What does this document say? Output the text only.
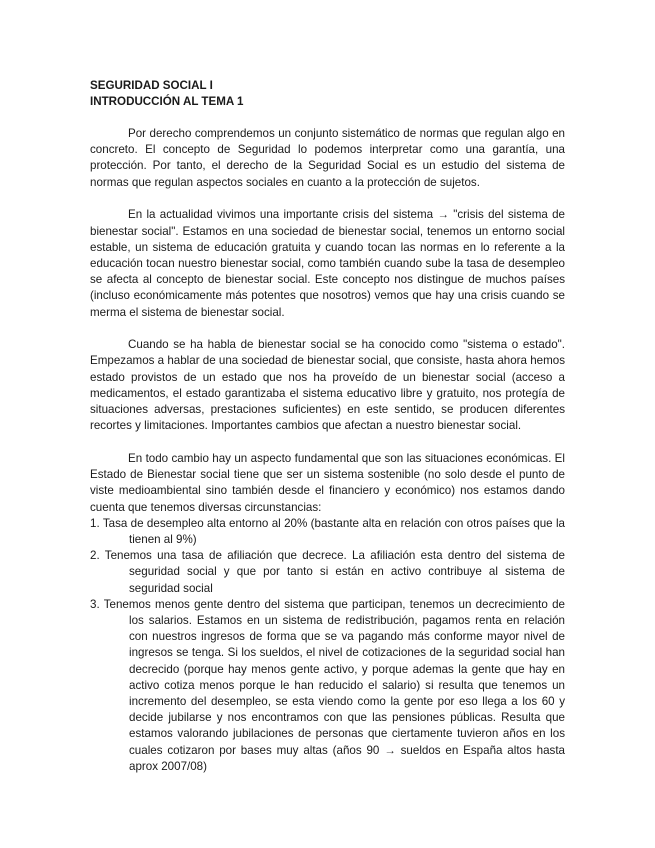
SEGURIDAD SOCIAL I

INTRODUCCIÓN AL TEMA 1

Por derecho comprendemos un conjunto sistemático de normas que regulan algo en concreto. El concepto de Seguridad lo podemos interpretar como una garantía, una protección. Por tanto, el derecho de la Seguridad Social es un estudio del sistema de normas que regulan aspectos sociales en cuanto a la protección de sujetos.

En la actualidad vivimos una importante crisis del sistema → "crisis del sistema de bienestar social". Estamos en una sociedad de bienestar social, tenemos un entorno social estable, un sistema de educación gratuita y cuando tocan las normas en lo referente a la educación tocan nuestro bienestar social, como también cuando sube la tasa de desempleo se afecta al concepto de bienestar social. Este concepto nos distingue de muchos países (incluso económicamente más potentes que nosotros) vemos que hay una crisis cuando se merma el sistema de bienestar social.

Cuando se ha habla de bienestar social se ha conocido como "sistema o estado". Empezamos a hablar de una sociedad de bienestar social, que consiste, hasta ahora hemos estado provistos de un estado que nos ha proveído de un bienestar social (acceso a medicamentos, el estado garantizaba el sistema educativo libre y gratuito, nos protegía de situaciones adversas, prestaciones suficientes) en este sentido, se producen diferentes recortes y limitaciones. Importantes cambios que afectan a nuestro bienestar social.

En todo cambio hay un aspecto fundamental que son las situaciones económicas. El Estado de Bienestar social tiene que ser un sistema sostenible (no solo desde el punto de viste medioambiental sino también desde el financiero y económico) nos estamos dando cuenta que tenemos diversas circunstancias:

1. Tasa de desempleo alta entorno al 20% (bastante alta en relación con otros países que la tienen al 9%)
2. Tenemos una tasa de afiliación que decrece. La afiliación esta dentro del sistema de seguridad social y que por tanto si están en activo contribuye al sistema de seguridad social
3. Tenemos menos gente dentro del sistema que participan, tenemos un decrecimiento de los salarios. Estamos en un sistema de redistribución, pagamos renta en relación con nuestros ingresos de forma que se va pagando más conforme mayor nivel de ingresos se tenga. Si los sueldos, el nivel de cotizaciones de la seguridad social han decrecido (porque hay menos gente activo, y porque ademas la gente que hay en activo cotiza menos porque le han reducido el salario) si resulta que tenemos un incremento del desempleo, se esta viendo como la gente por eso llega a los 60 y decide jubilarse y nos encontramos con que las pensiones públicas. Resulta que estamos valorando jubilaciones de personas que ciertamente tuvieron años en los cuales cotizaron por bases muy altas (años 90 → sueldos en España altos hasta aprox 2007/08)
